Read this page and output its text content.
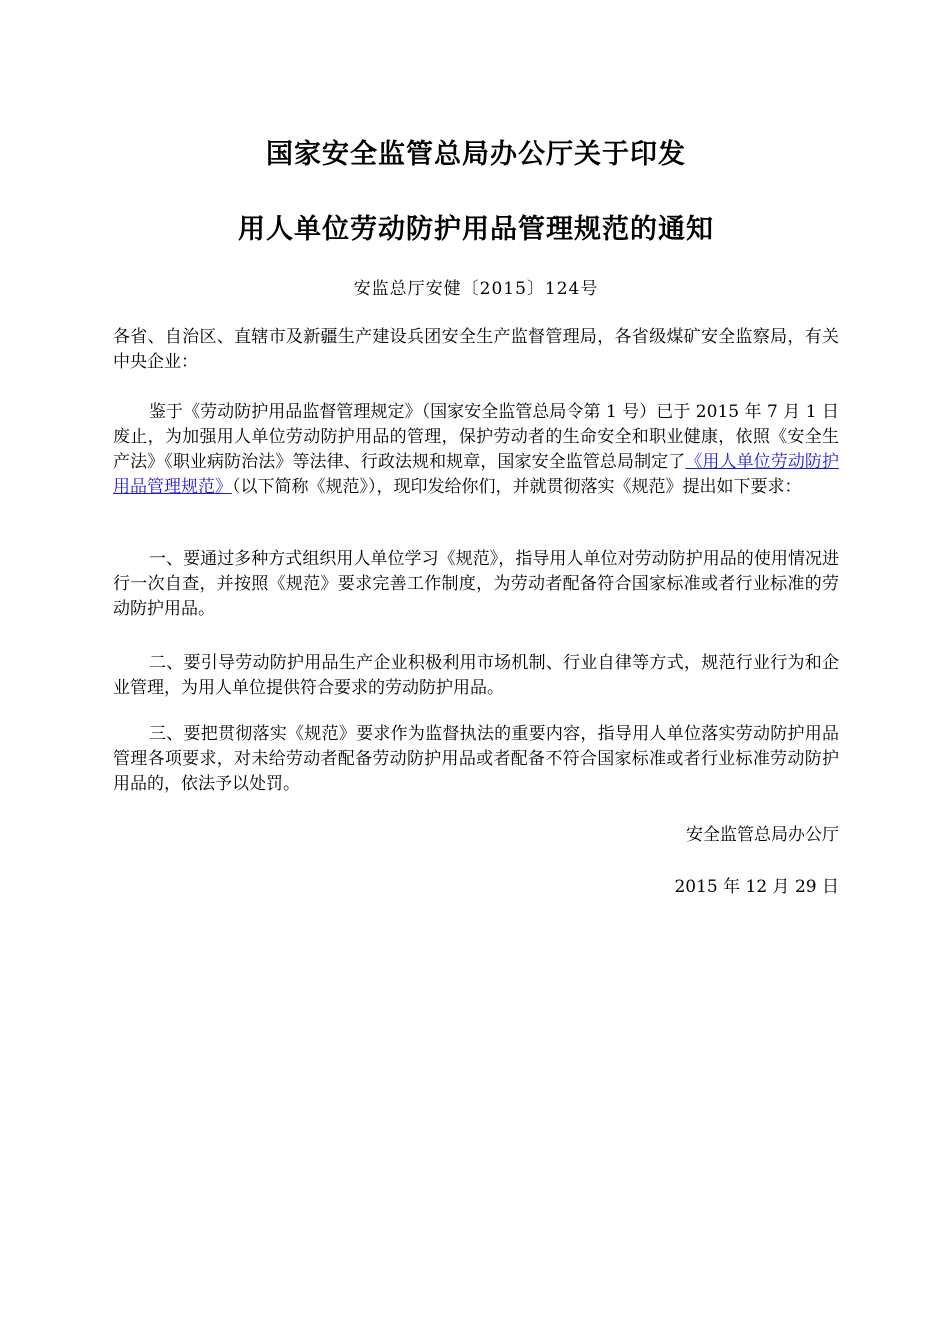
国家安全监管总局办公厅关于印发
用人单位劳动防护用品管理规范的通知
安监总厅安健〔2015〕124号

各省、自治区、直辖市及新疆生产建设兵团安全生产监督管理局，各省级煤矿安全监察局，有关中央企业：

鉴于《劳动防护用品监督管理规定》（国家安全监管总局令第 1 号）已于 2015 年 7 月 1 日废止，为加强用人单位劳动防护用品的管理，保护劳动者的生命安全和职业健康，依照《安全生产法》《职业病防治法》等法律、行政法规和规章，国家安全监管总局制定了《用人单位劳动防护用品管理规范》（以下简称《规范》），现印发给你们，并就贯彻落实《规范》提出如下要求：

一、要通过多种方式组织用人单位学习《规范》，指导用人单位对劳动防护用品的使用情况进行一次自查，并按照《规范》要求完善工作制度，为劳动者配备符合国家标准或者行业标准的劳动防护用品。

二、要引导劳动防护用品生产企业积极利用市场机制、行业自律等方式，规范行业行为和企业管理，为用人单位提供符合要求的劳动防护用品。

三、要把贯彻落实《规范》要求作为监督执法的重要内容，指导用人单位落实劳动防护用品管理各项要求，对未给劳动者配备劳动防护用品或者配备不符合国家标准或者行业标准劳动防护用品的，依法予以处罚。

安全监管总局办公厅

2015 年 12 月 29 日
